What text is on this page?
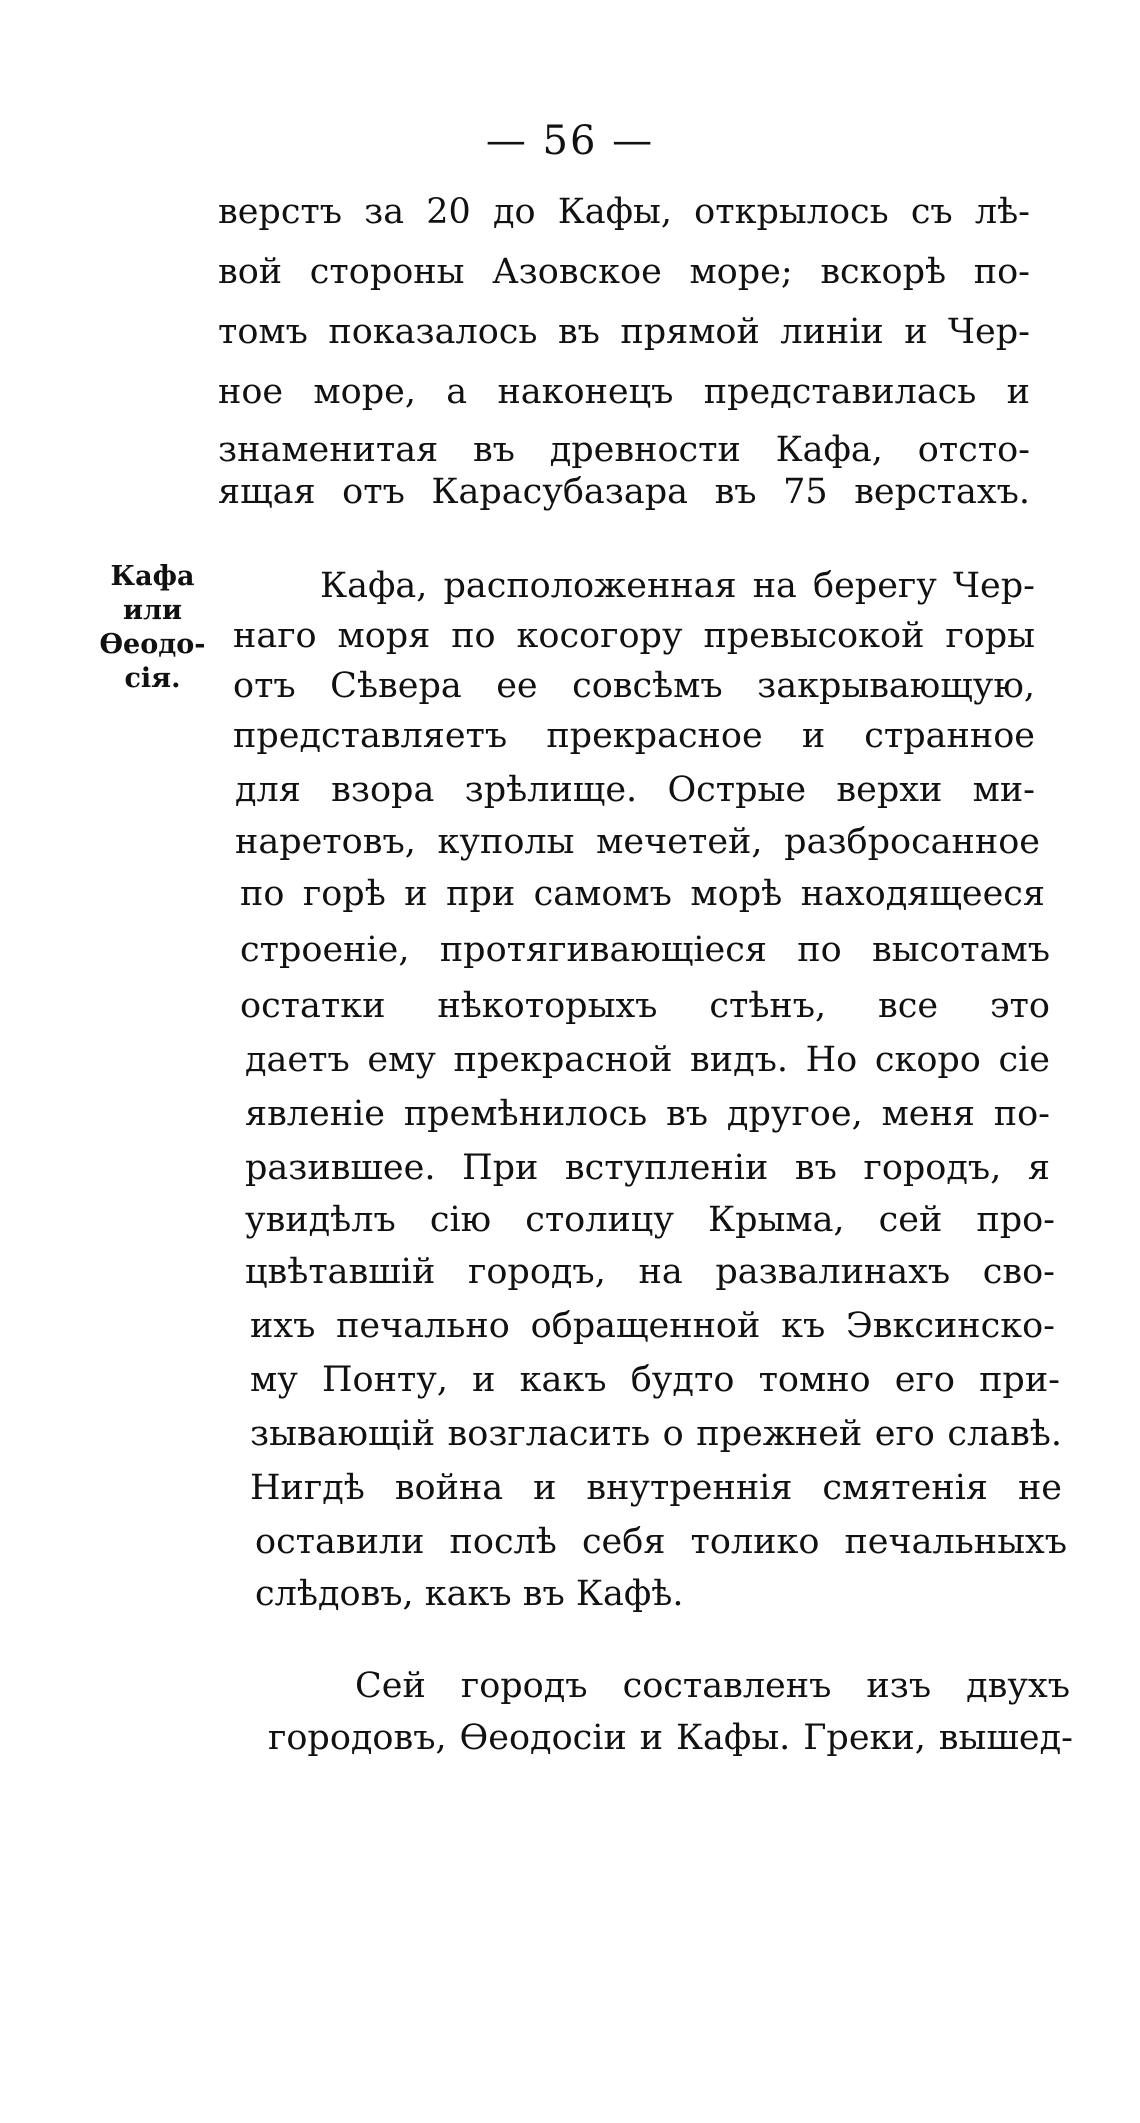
— 56 —
Кафа
или
Өеодо-
сія.
верстъ за 20 до Кафы, открылось съ лѣ-
вой стороны Азовское море; вскорѣ по-
томъ показалось въ прямой линіи и Чер-
ное море, а наконецъ представилась и
знаменитая въ древности Кафа, отсто-
ящая отъ Карасубазара въ 75 верстахъ.
Кафа, расположенная на берегу Чер-
наго моря по косогору превысокой горы
отъ Сѣвера ее совсѣмъ закрывающую,
представляетъ прекрасное и странное
для взора зрѣлище. Острые верхи ми-
наретовъ, куполы мечетей, разбросанное
по горѣ и при самомъ морѣ находящееся
строеніе, протягивающіеся по высотамъ
остатки нѣкоторыхъ стѣнъ, все это
даетъ ему прекрасной видъ. Но скоро сіе
явленіе премѣнилось въ другое, меня по-
разившее. При вступленіи въ городъ, я
увидѣлъ сію столицу Крыма, сей про-
цвѣтавшій городъ, на развалинахъ сво-
ихъ печально обращенной къ Эвксинско-
му Понту, и какъ будто томно его при-
зывающій возгласить о прежней его славѣ.
Нигдѣ война и внутреннія смятенія не
оставили послѣ себя толико печальныхъ
слѣдовъ, какъ въ Кафѣ.
Сей городъ составленъ изъ двухъ
городовъ, Өеодосіи и Кафы. Греки, вышед-
